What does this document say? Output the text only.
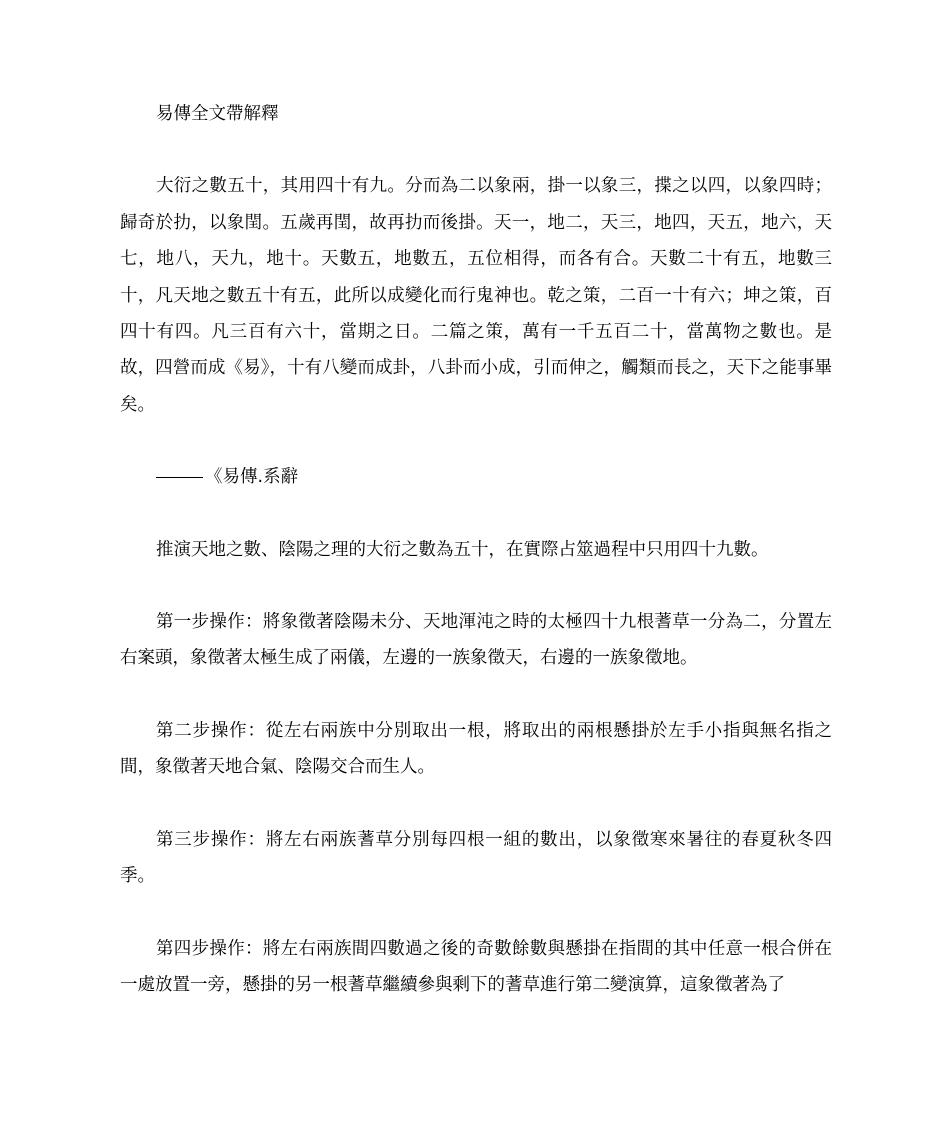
易傳全文帶解釋

大衍之數五十，其用四十有九。分而為二以象兩，掛一以象三，揲之以四，以象四時；歸奇於扐，以象閏。五歲再閏，故再扐而後掛。天一，地二，天三，地四，天五，地六，天七，地八，天九，地十。天數五，地數五，五位相得，而各有合。天數二十有五，地數三十，凡天地之數五十有五，此所以成變化而行鬼神也。乾之策，二百一十有六；坤之策，百四十有四。凡三百有六十，當期之日。二篇之策，萬有一千五百二十，當萬物之數也。是故，四營而成《易》，十有八變而成卦，八卦而小成，引而伸之，觸類而長之，天下之能事畢矣。

《易傳.系辭

推演天地之數、陰陽之理的大衍之數為五十，在實際占筮過程中只用四十九數。

第一步操作：將象徵著陰陽未分、天地渾沌之時的太極四十九根蓍草一分為二，分置左右案頭，象徵著太極生成了兩儀，左邊的一族象徵天，右邊的一族象徵地。

第二步操作：從左右兩族中分別取出一根，將取出的兩根懸掛於左手小指與無名指之間，象徵著天地合氣、陰陽交合而生人。

第三步操作：將左右兩族蓍草分別每四根一組的數出，以象徵寒來暑往的春夏秋冬四季。

第四步操作：將左右兩族間四數過之後的奇數餘數與懸掛在指間的其中任意一根合併在一處放置一旁，懸掛的另一根蓍草繼續參與剩下的蓍草進行第二變演算，這象徵著為了
